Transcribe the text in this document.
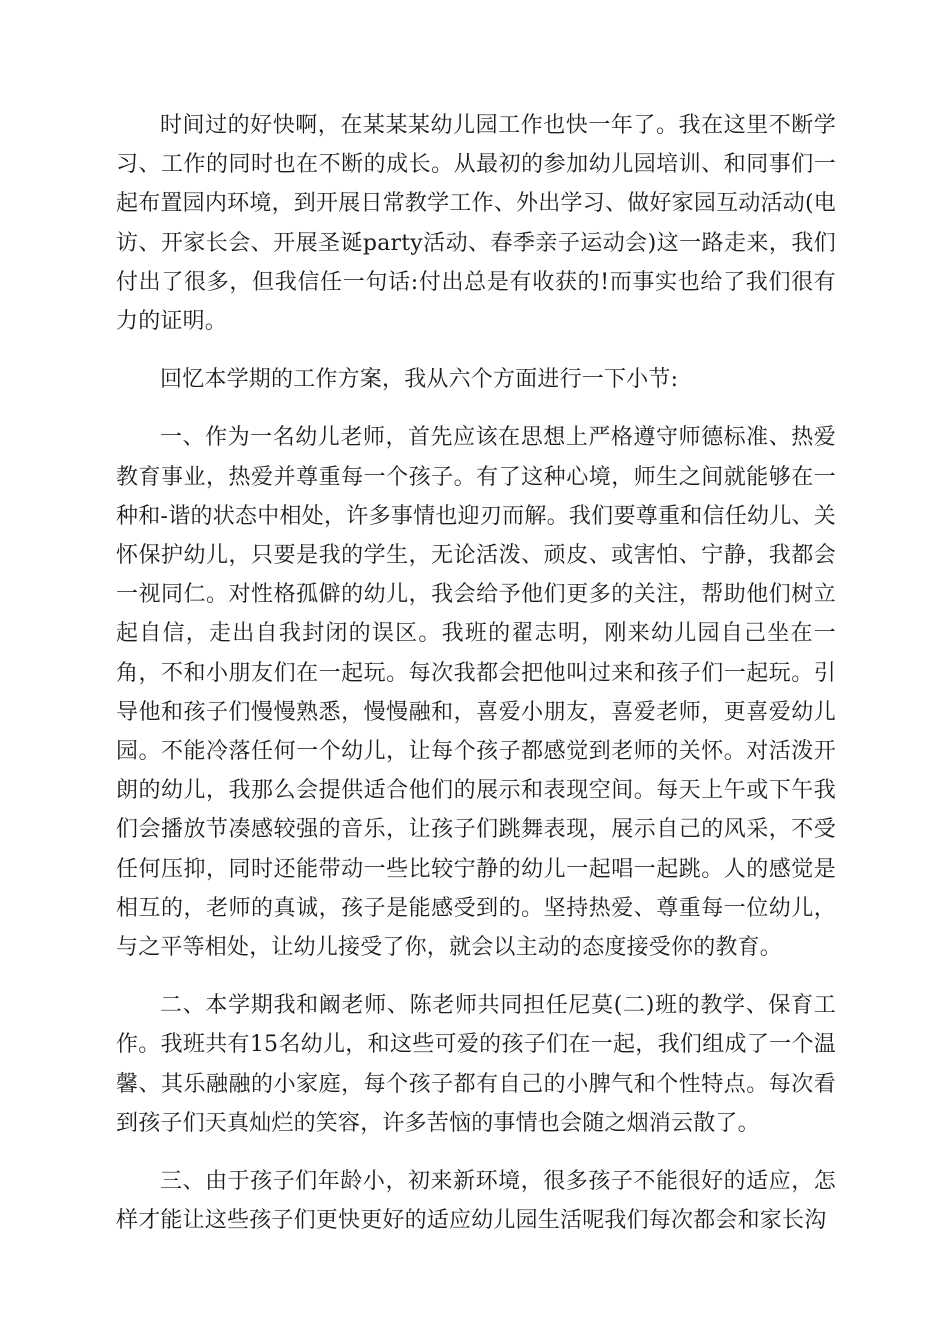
时间过的好快啊，在某某某幼儿园工作也快一年了。我在这里不断学习、工作的同时也在不断的成长。从最初的参加幼儿园培训、和同事们一起布置园内环境，到开展日常教学工作、外出学习、做好家园互动活动(电访、开家长会、开展圣诞party活动、春季亲子运动会)这一路走来，我们付出了很多，但我信任一句话:付出总是有收获的!而事实也给了我们很有力的证明。

回忆本学期的工作方案，我从六个方面进行一下小节:

一、作为一名幼儿老师，首先应该在思想上严格遵守师德标准、热爱教育事业，热爱并尊重每一个孩子。有了这种心境，师生之间就能够在一种和-谐的状态中相处，许多事情也迎刃而解。我们要尊重和信任幼儿、关怀保护幼儿，只要是我的学生，无论活泼、顽皮、或害怕、宁静，我都会一视同仁。对性格孤僻的幼儿，我会给予他们更多的关注，帮助他们树立起自信，走出自我封闭的误区。我班的翟志明，刚来幼儿园自己坐在一角，不和小朋友们在一起玩。每次我都会把他叫过来和孩子们一起玩。引导他和孩子们慢慢熟悉，慢慢融和，喜爱小朋友，喜爱老师，更喜爱幼儿园。不能冷落任何一个幼儿，让每个孩子都感觉到老师的关怀。对活泼开朗的幼儿，我那么会提供适合他们的展示和表现空间。每天上午或下午我们会播放节凑感较强的音乐，让孩子们跳舞表现，展示自己的风采，不受任何压抑，同时还能带动一些比较宁静的幼儿一起唱一起跳。人的感觉是相互的，老师的真诚，孩子是能感受到的。坚持热爱、尊重每一位幼儿，与之平等相处，让幼儿接受了你，就会以主动的态度接受你的教育。

二、本学期我和阚老师、陈老师共同担任尼莫(二)班的教学、保育工作。我班共有15名幼儿，和这些可爱的孩子们在一起，我们组成了一个温馨、其乐融融的小家庭，每个孩子都有自己的小脾气和个性特点。每次看到孩子们天真灿烂的笑容，许多苦恼的事情也会随之烟消云散了。

三、由于孩子们年龄小，初来新环境，很多孩子不能很好的适应，怎样才能让这些孩子们更快更好的适应幼儿园生活呢我们每次都会和家长沟
